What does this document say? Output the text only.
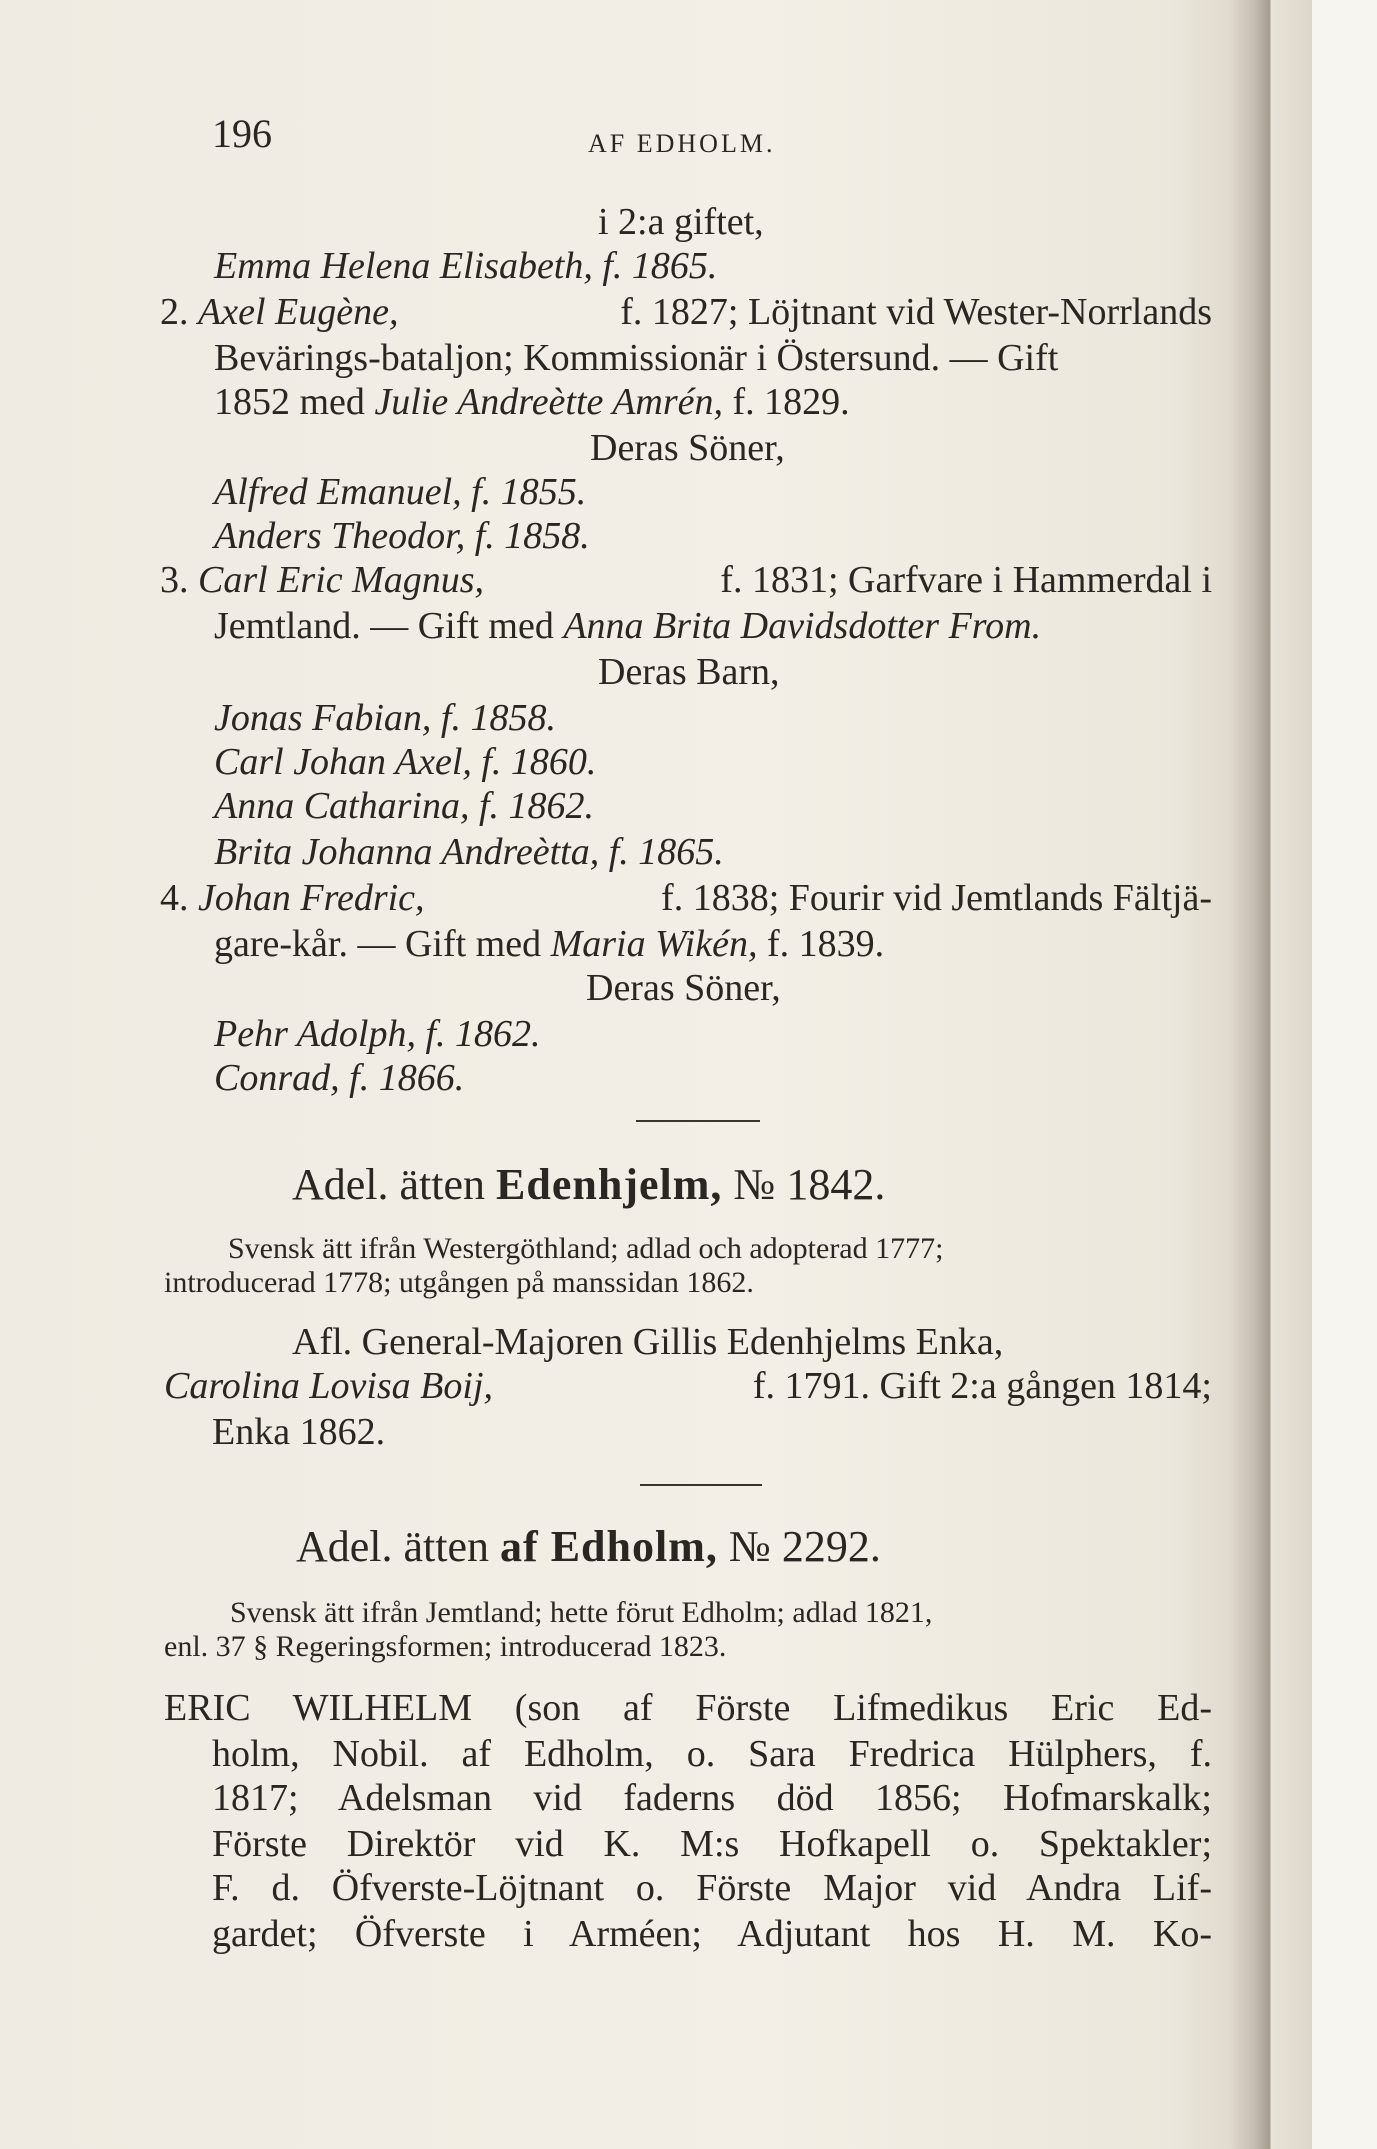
196	AF EDHOLM.
i 2:a giftet,
Emma Helena Elisabeth, f. 1865.
2. Axel Eugène,	f. 1827; Löjtnant vid Wester-Norrlands
Bevärings-bataljon; Kommissionär i Östersund. — Gift
1852 med Julie Andreètte Amrén, f. 1829.
Deras Söner,
Alfred Emanuel, f. 1855.
Anders Theodor, f. 1858.
3. Carl Eric Magnus,	f. 1831; Garfvare i Hammerdal i
Jemtland. — Gift med Anna Brita Davidsdotter From.
Deras Barn,
Jonas Fabian, f. 1858.
Carl Johan Axel, f. 1860.
Anna Catharina, f. 1862.
Brita Johanna Andreètta, f. 1865.
4. Johan Fredric,	f. 1838; Fourir vid Jemtlands Fältjä-
gare-kår. — Gift med Maria Wikén, f. 1839.
Deras Söner,
Pehr Adolph, f. 1862.
Conrad, f. 1866.
Adel. ätten Edenhjelm, № 1842.
Svensk ätt ifrån Westergöthland; adlad och adopterad 1777;
introducerad 1778; utgången på manssidan 1862.
Afl. General-Majoren Gillis Edenhjelms Enka,
Carolina Lovisa Boij,	f. 1791. Gift 2:a gången 1814;
Enka 1862.
Adel. ätten af Edholm, № 2292.
Svensk ätt ifrån Jemtland; hette förut Edholm; adlad 1821,
enl. 37 § Regeringsformen; introducerad 1823.
ERIC WILHELM (son af Förste Lifmedikus Eric Ed-
holm, Nobil. af Edholm, o. Sara Fredrica Hülphers, f.
1817; Adelsman vid faderns död 1856; Hofmarskalk;
Förste Direktör vid K. M:s Hofkapell o. Spektakler;
F. d. Öfverste-Löjtnant o. Förste Major vid Andra Lif-
gardet; Öfverste i Arméen; Adjutant hos H. M. Ko-
